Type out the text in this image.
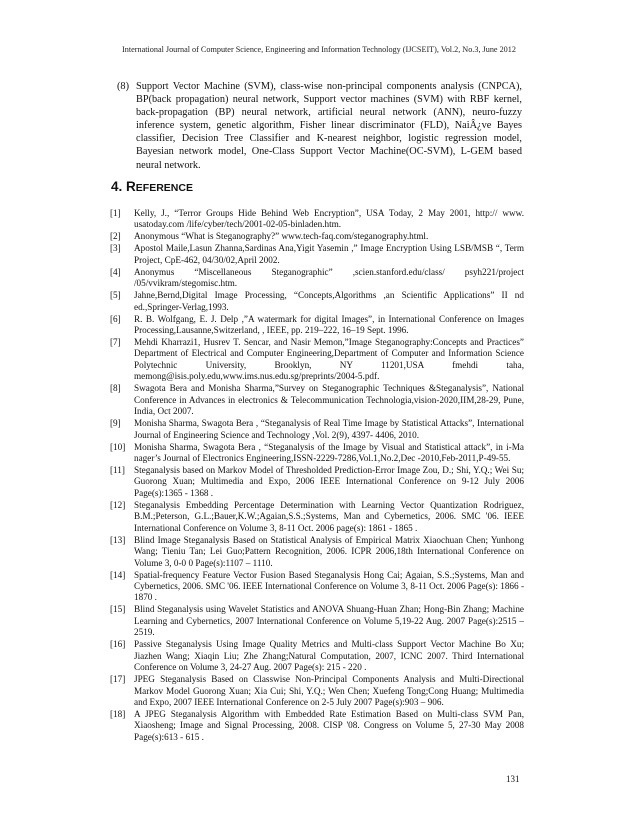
International Journal of Computer Science, Engineering and Information Technology (IJCSEIT), Vol.2, No.3, June 2012
(8) Support Vector Machine (SVM), class-wise non-principal components analysis (CNPCA), BP(back propagation) neural network, Support vector machines (SVM) with RBF kernel, back-propagation (BP) neural network, artificial neural network (ANN), neuro-fuzzy inference system, genetic algorithm, Fisher linear discriminator (FLD), NaiÂ¿ve Bayes classifier, Decision Tree Classifier and K-nearest neighbor, logistic regression model, Bayesian network model, One-Class Support Vector Machine(OC-SVM), L-GEM based neural network.
4. REFERENCE
[1] Kelly, J., “Terror Groups Hide Behind Web Encryption”, USA Today, 2 May 2001, http:// www. usatoday.com /life/cyber/tech/2001-02-05-binladen.htm.
[2] Anonymous “What is Steganography?” www.tech-faq.com/steganography.html.
[3] Apostol Maile,Lasun Zhanna,Sardinas Ana,Yigit Yasemin ,” Image Encryption Using LSB/MSB “, Term Project, CpE-462, 04/30/02,April 2002.
[4] Anonymus “Miscellaneous Steganographic” ,scien.stanford.edu/class/ psyh221/project /05/vvikram/stegomisc.htm.
[5] Jahne,Bernd,Digital Image Processing, “Concepts,Algorithms ,an Scientific Applications” II nd ed.,Springer-Verlag,1993.
[6] R. B. Wolfgang, E. J. Delp ,”A watermark for digital Images”, in International Conference on Images Processing,Lausanne,Switzerland, , IEEE, pp. 219–222, 16–19 Sept. 1996.
[7] Mehdi Kharrazi1, Husrev T. Sencar, and Nasir Memon,”Image Steganography:Concepts and Practices” Department of Electrical and Computer Engineering,Department of Computer and Information Science Polytechnic University, Brooklyn, NY 11201,USA fmehdi taha, memong@isis.poly.edu,www.ims.nus.edu.sg/preprints/2004-5.pdf.
[8] Swagota Bera and Monisha Sharma,”Survey on Steganographic Techniques &Steganalysis”, National Conference in Advances in electronics & Telecommunication Technologia,vision-2020,IIM,28-29, Pune, India, Oct 2007.
[9] Monisha Sharma, Swagota Bera , “Steganalysis of Real Time Image by Statistical Attacks”, International Journal of Engineering Science and Technology ,Vol. 2(9), 4397- 4406, 2010.
[10] Monisha Sharma, Swagota Bera , “Steganalysis of the Image by Visual and Statistical attack”, in i-Ma nager’s Journal of Electronics Engineering,ISSN-2229-7286,Vol.1,No.2,Dec -2010,Feb-2011,P-49-55.
[11] Steganalysis based on Markov Model of Thresholded Prediction-Error Image Zou, D.; Shi, Y.Q.; Wei Su; Guorong Xuan; Multimedia and Expo, 2006 IEEE International Conference on 9-12 July 2006 Page(s):1365 - 1368 .
[12] Steganalysis Embedding Percentage Determination with Learning Vector Quantization Rodriguez, B.M.;Peterson, G.L.;Bauer,K.W.;Agaian,S.S.;Systems, Man and Cybernetics, 2006. SMC '06. IEEE International Conference on Volume 3, 8-11 Oct. 2006 page(s): 1861 - 1865 .
[13] Blind Image Steganalysis Based on Statistical Analysis of Empirical Matrix Xiaochuan Chen; Yunhong Wang; Tieniu Tan; Lei Guo;Pattern Recognition, 2006. ICPR 2006,18th International Conference on Volume 3, 0-0 0 Page(s):1107 – 1110.
[14] Spatial-frequency Feature Vector Fusion Based Steganalysis Hong Cai; Agaian, S.S.;Systems, Man and Cybernetics, 2006. SMC '06. IEEE International Conference on Volume 3, 8-11 Oct. 2006 Page(s): 1866 - 1870 .
[15] Blind Steganalysis using Wavelet Statistics and ANOVA Shuang-Huan Zhan; Hong-Bin Zhang; Machine Learning and Cybernetics, 2007 International Conference on Volume 5,19-22 Aug. 2007 Page(s):2515 – 2519.
[16] Passive Steganalysis Using Image Quality Metrics and Multi-class Support Vector Machine Bo Xu; Jiazhen Wang; Xiaqin Liu; Zhe Zhang;Natural Computation, 2007, ICNC 2007. Third International Conference on Volume 3, 24-27 Aug. 2007 Page(s): 215 - 220 .
[17] JPEG Steganalysis Based on Classwise Non-Principal Components Analysis and Multi-Directional Markov Model Guorong Xuan; Xia Cui; Shi, Y.Q.; Wen Chen; Xuefeng Tong;Cong Huang; Multimedia and Expo, 2007 IEEE International Conference on 2-5 July 2007 Page(s):903 – 906.
[18] A JPEG Steganalysis Algorithm with Embedded Rate Estimation Based on Multi-class SVM Pan, Xiaosheng; Image and Signal Processing, 2008. CISP '08. Congress on Volume 5, 27-30 May 2008 Page(s):613 - 615 .
131
